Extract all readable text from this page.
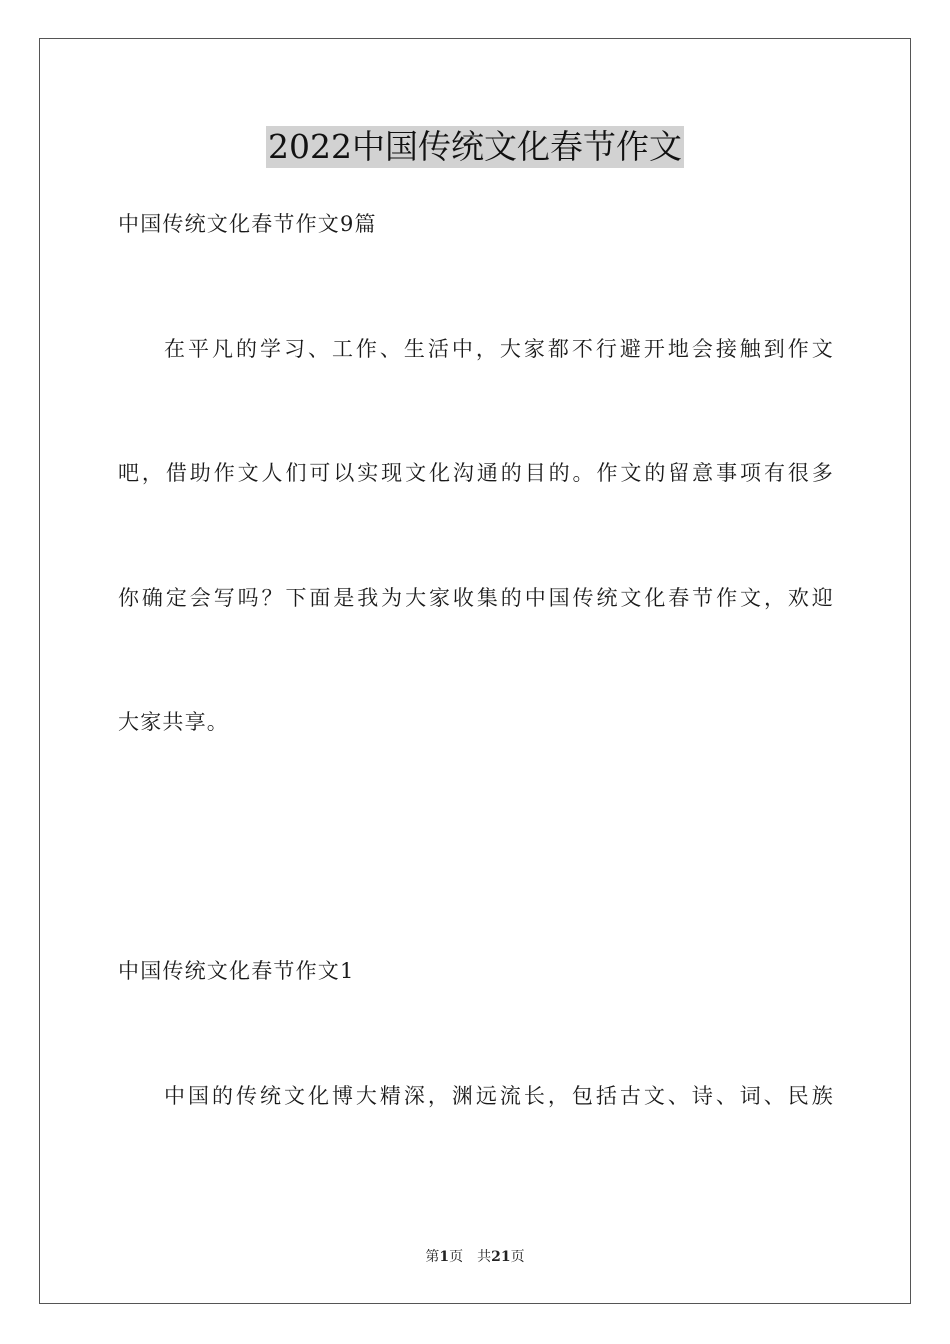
2022中国传统文化春节作文
中国传统文化春节作文9篇
在平凡的学习、工作、生活中，大家都不行避开地会接触到作文
吧，借助作文人们可以实现文化沟通的目的。作文的留意事项有很多
你确定会写吗？下面是我为大家收集的中国传统文化春节作文，欢迎
大家共享。
中国传统文化春节作文1
中国的传统文化博大精深，渊远流长，包括古文、诗、词、民族
第1页 共21页
